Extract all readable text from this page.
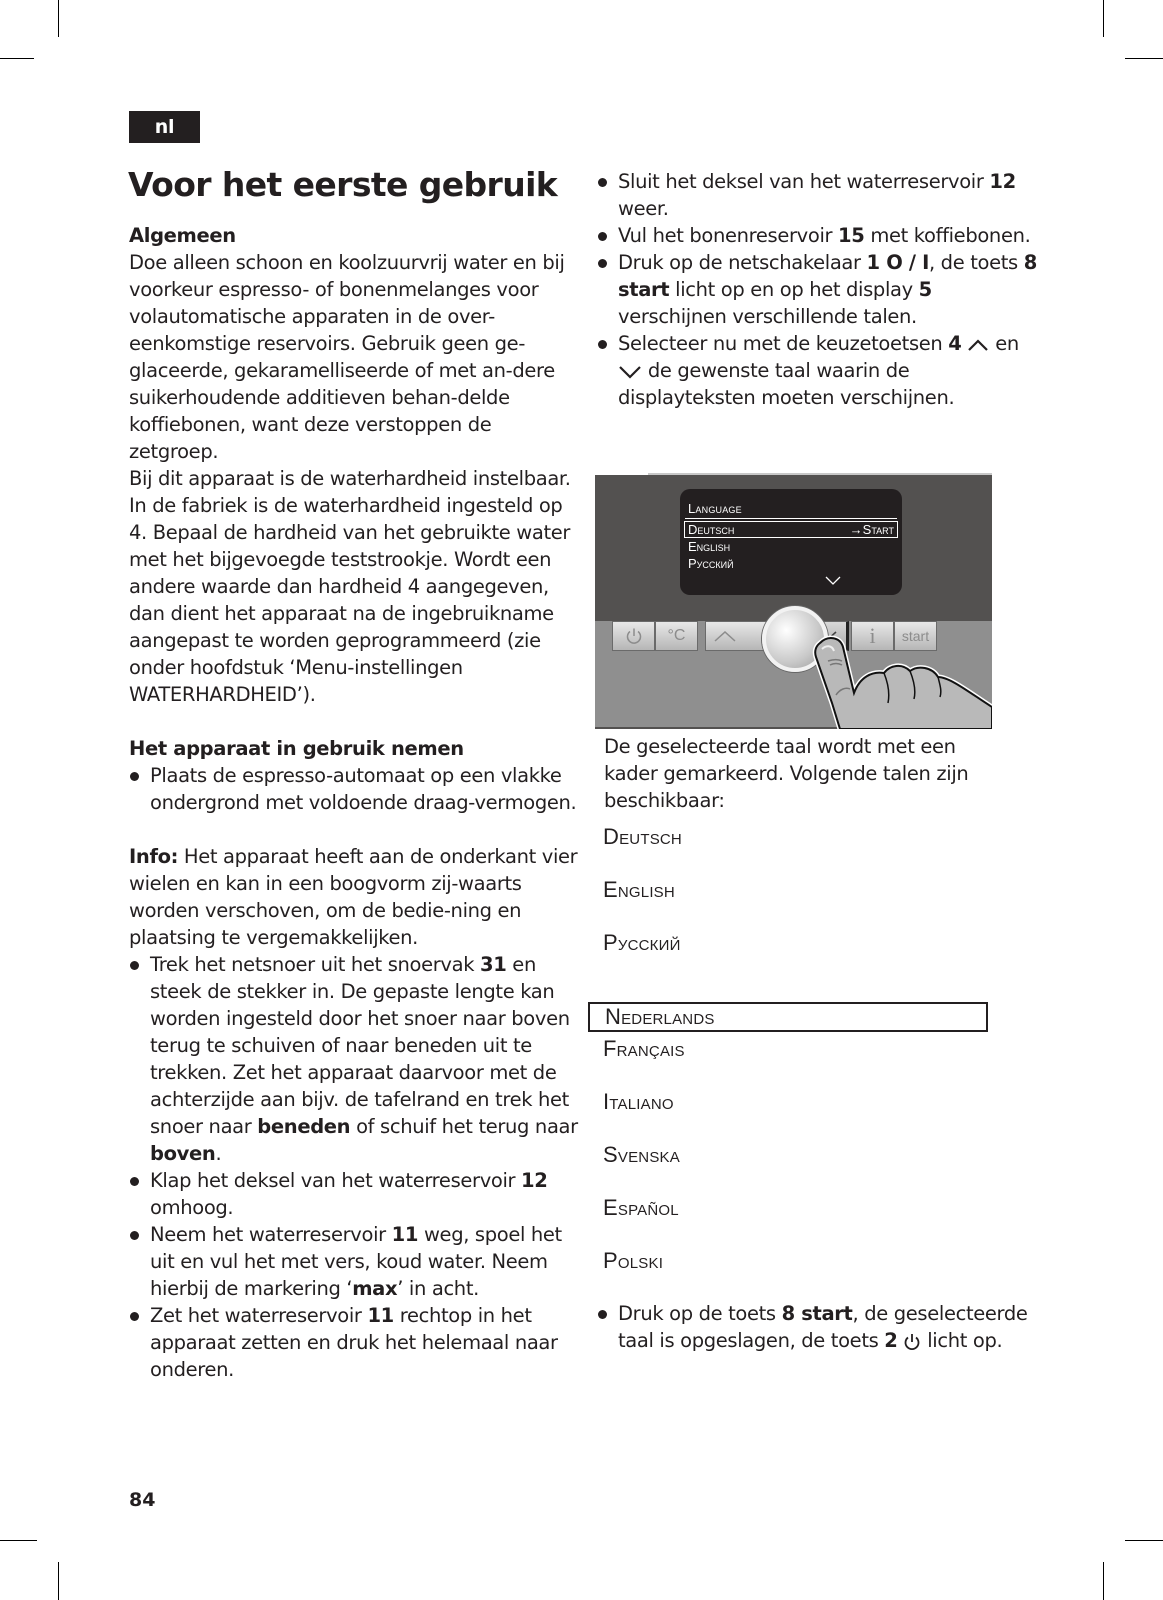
nl
Voor het eerste gebruik

Algemeen

Doe alleen schoon en koolzuurvrij water en bij voorkeur espresso- of bonenmelanges voor volautomatische apparaten in de over-eenkomstige reservoirs. Gebruik geen ge-glaceerde, gekaramelliseerde of met an-dere suikerhoudende additieven behan-delde koffiebonen, want deze verstoppen de zetgroep.

Bij dit apparaat is de waterhardheid instelbaar. In de fabriek is de waterhardheid ingesteld op 4. Bepaal de hardheid van het gebruikte water met het bijgevoegde teststrookje. Wordt een andere waarde dan hardheid 4 aangegeven, dan dient het apparaat na de ingebruikname aangepast te worden geprogrammeerd (zie onder hoofdstuk ‘Menu-instellingen WATERHARDHEID’).

Het apparaat in gebruik nemen

Plaats de espresso-automaat op een vlakke ondergrond met voldoende draag-vermogen.

Info: Het apparaat heeft aan de onderkant vier wielen en kan in een boogvorm zij-waarts worden verschoven, om de bedie-ning en plaatsing te vergemakkelijken.

Trek het netsnoer uit het snoervak 31 en steek de stekker in. De gepaste lengte kan worden ingesteld door het snoer naar boven terug te schuiven of naar beneden uit te trekken. Zet het apparaat daarvoor met de achterzijde aan bijv. de tafelrand en trek het snoer naar beneden of schuif het terug naar boven.
Klap het deksel van het waterreservoir 12 omhoog.
Neem het waterreservoir 11 weg, spoel het uit en vul het met vers, koud water. Neem hierbij de markering ‘max’ in acht.
Zet het waterreservoir 11 rechtop in het apparaat zetten en druk het helemaal naar onderen.
Sluit het deksel van het waterreservoir 12 weer.
Vul het bonenreservoir 15 met koffiebonen.
Druk op de netschakelaar 1 O / I, de toets 8 start licht op en op het display 5 verschijnen verschillende talen.
Selecteer nu met de keuzetoetsen 4  en  de gewenste taal waarin de displayteksten moeten verschijnen.
Language
Deutsch	→Start
English
Русский
°C	i start

De geselecteerde taal wordt met een kader gemarkeerd. Volgende talen zijn beschikbaar:

Deutsch
English
Русский
Nederlands
Français
Italiano
Svenska
Español
Polski
Druk op de toets 8 start, de geselecteerde taal is opgeslagen, de toets 2  licht op.
84
